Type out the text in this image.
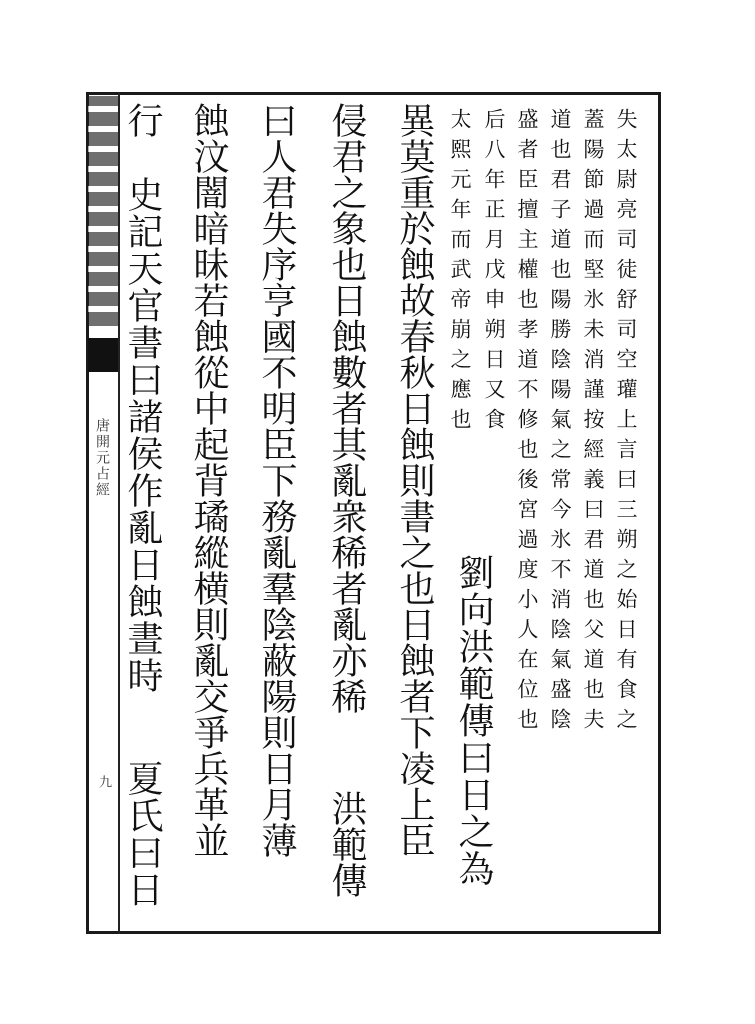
唐開元占經
九
失太尉亮司徒舒司空瓘上言曰三朔之始日有食之
蓋陽節過而堅氷未消謹按經義曰君道也父道也夫
道也君子道也陽勝陰陽氣之常今氷不消陰氣盛陰
盛者臣擅主權也孝道不修也後宮過度小人在位也
后八年正月戊申朔日又食
太熙元年而武帝崩之應也
劉向洪範傳曰日之為
異莫重於蝕故春秋日蝕則書之也日蝕者下凌上臣
侵君之象也日蝕數者其亂衆稀者亂亦稀
洪範傳
曰人君失序亨國不明臣下務亂羣陰蔽陽則日月薄
蝕汶闇暗昧若蝕從中起背璚縱横則亂交爭兵革並
行
史記天官書曰諸侯作亂日蝕晝時
夏氏曰日
